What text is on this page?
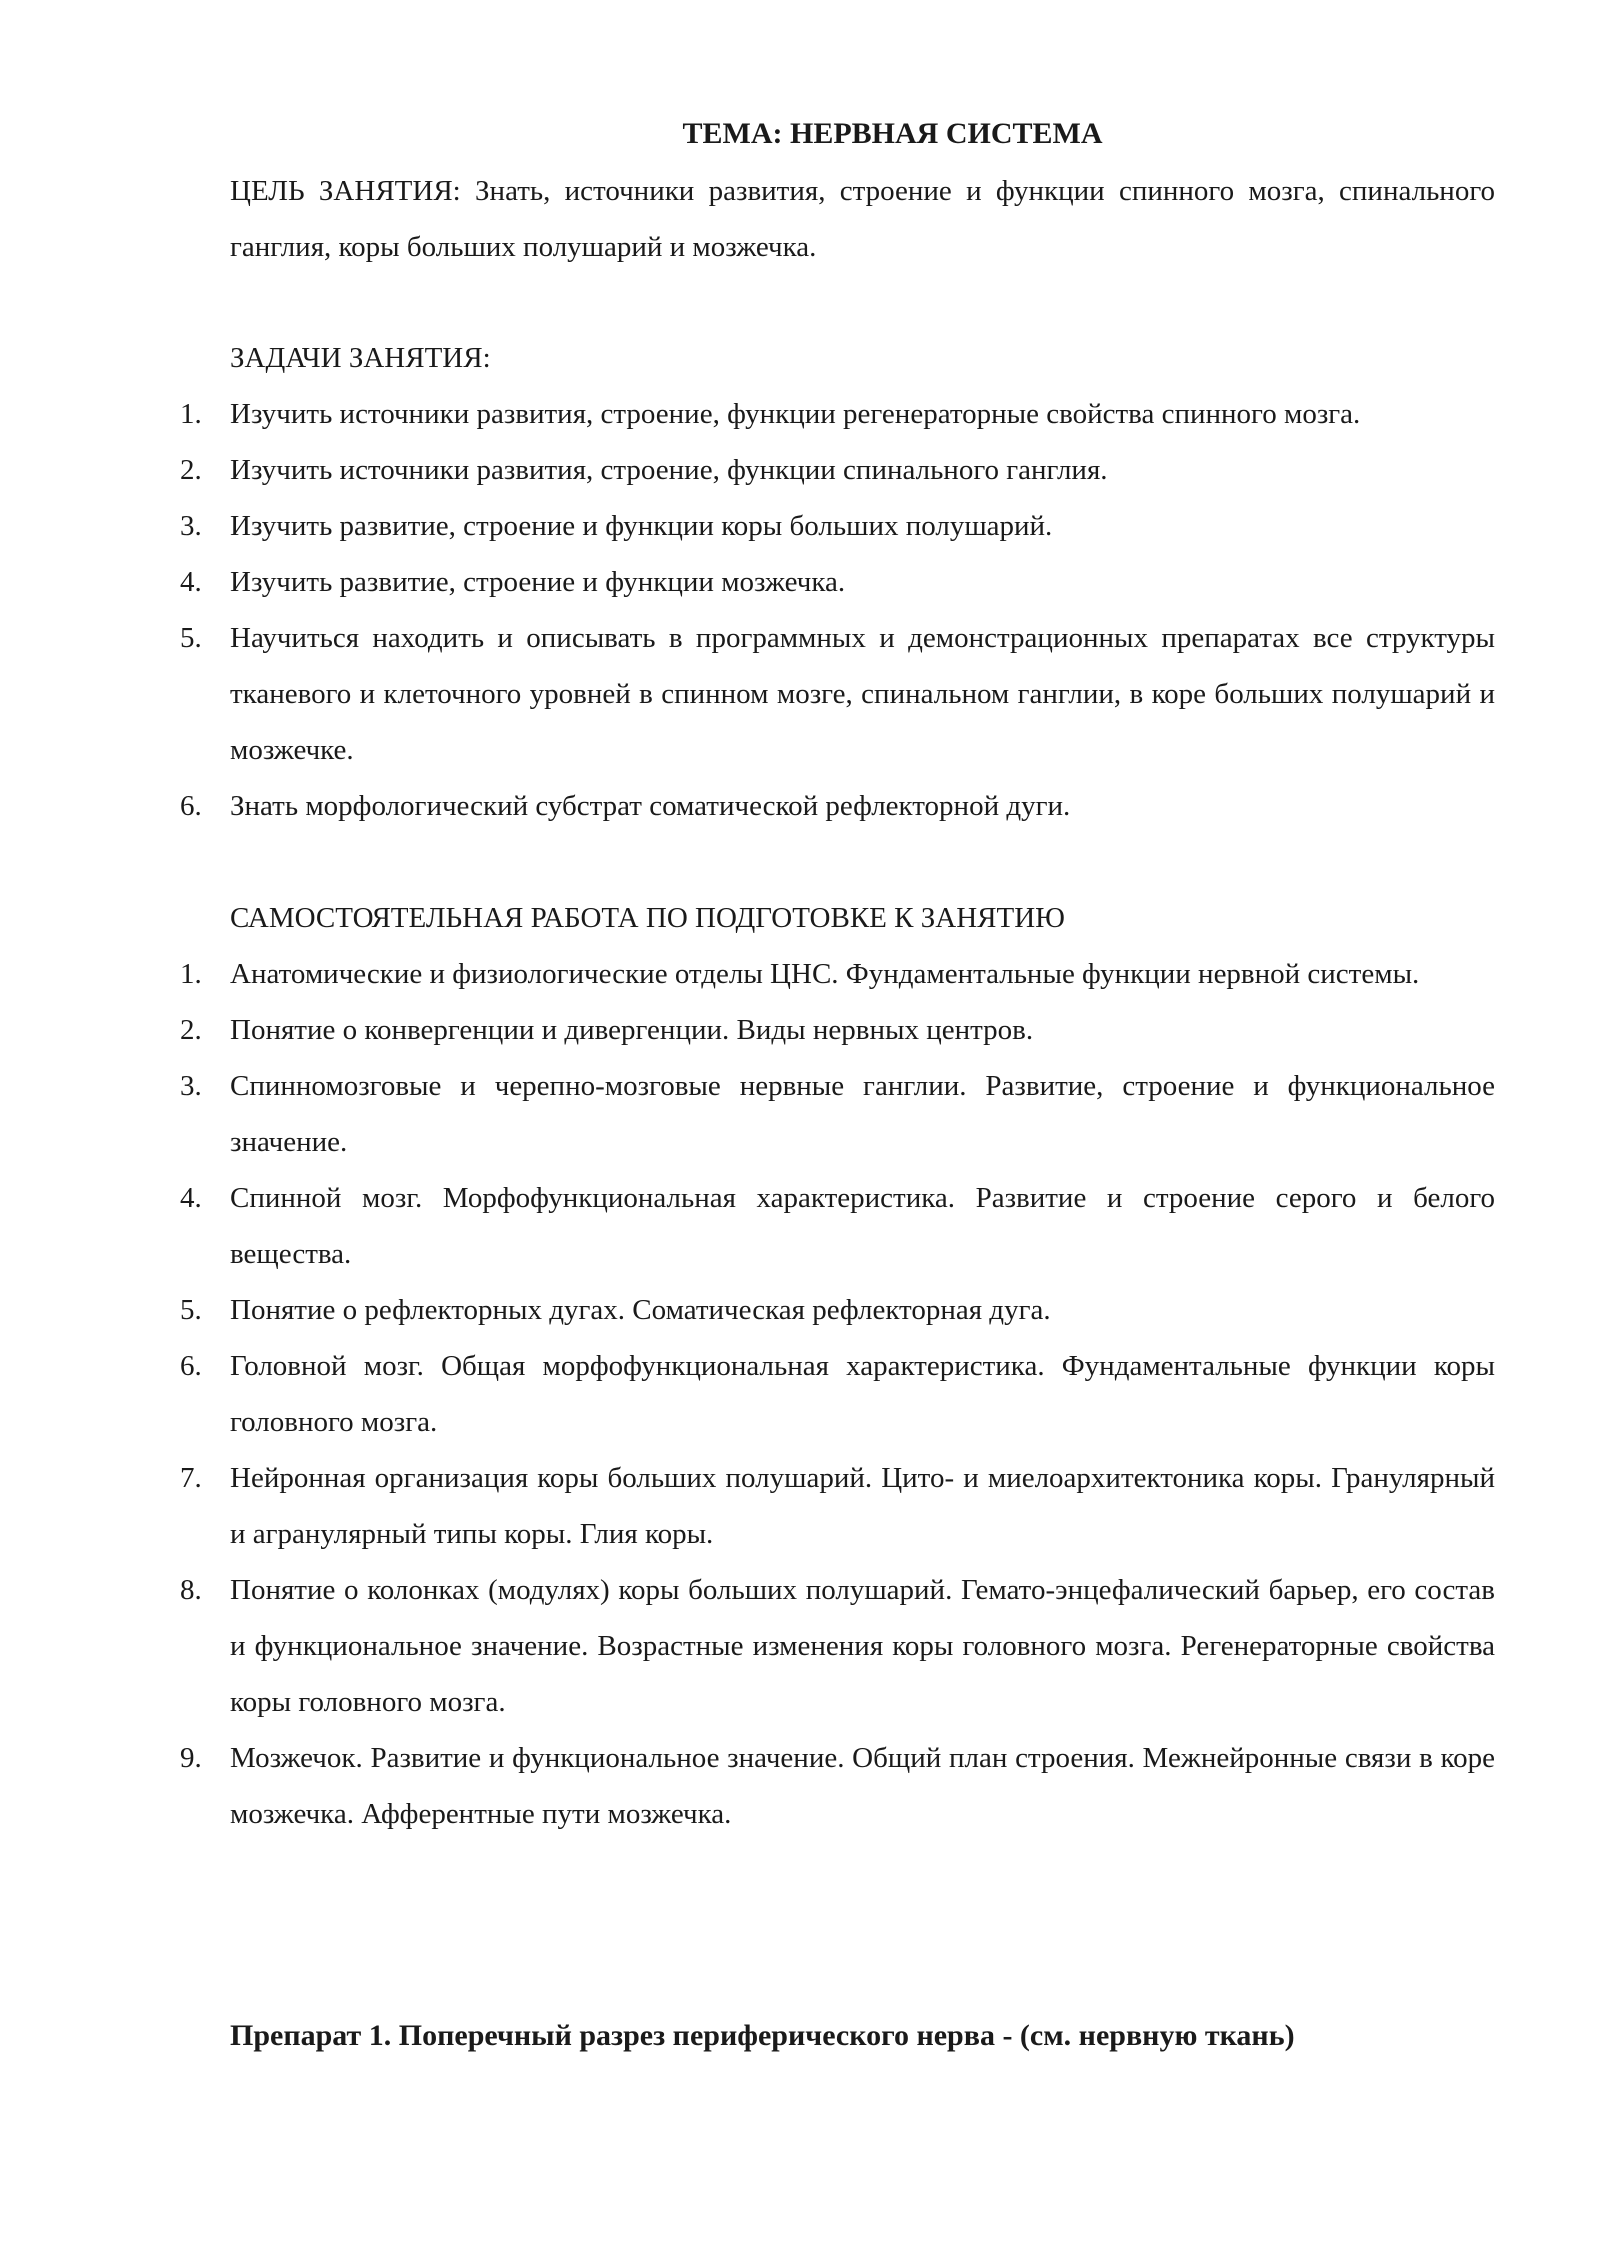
ТЕМА: НЕРВНАЯ СИСТЕМА

ЦЕЛЬ ЗАНЯТИЯ: Знать, источники развития, строение и функции спинного мозга, спинального ганглия, коры больших полушарий и мозжечка.

ЗАДАЧИ ЗАНЯТИЯ:

1. Изучить источники развития, строение, функции регенераторные свойства спинного мозга.
2. Изучить источники развития, строение, функции спинального ганглия.
3. Изучить развитие, строение и функции коры больших полушарий.
4. Изучить развитие, строение и функции мозжечка.
5. Научиться находить и описывать в программных и демонстрационных препаратах все структуры тканевого и клеточного уровней в спинном мозге, спинальном ганглии, в коре больших полушарий и мозжечке.
6. Знать морфологический субстрат соматической рефлекторной дуги.

САМОСТОЯТЕЛЬНАЯ РАБОТА ПО ПОДГОТОВКЕ К ЗАНЯТИЮ

1. Анатомические и физиологические отделы ЦНС. Фундаментальные функции нервной системы.
2. Понятие о конвергенции и дивергенции. Виды нервных центров.
3. Спинномозговые и черепно-мозговые нервные ганглии. Развитие, строение и функциональное значение.
4. Спинной мозг. Морфофункциональная характеристика. Развитие и строение серого и белого вещества.
5. Понятие о рефлекторных дугах. Соматическая рефлекторная дуга.
6. Головной мозг. Общая морфофункциональная характеристика. Фундаментальные функции коры головного мозга.
7. Нейронная организация коры больших полушарий. Цито- и миелоархитектоника коры. Гранулярный и агранулярный типы коры. Глия коры.
8. Понятие о колонках (модулях) коры больших полушарий. Гемато-энцефалический барьер, его состав и функциональное значение. Возрастные изменения коры головного мозга. Регенераторные свойства коры головного мозга.
9. Мозжечок. Развитие и функциональное значение. Общий план строения. Межнейронные связи в коре мозжечка. Афферентные пути мозжечка.

Препарат 1. Поперечный разрез периферического нерва - (см. нервную ткань)
